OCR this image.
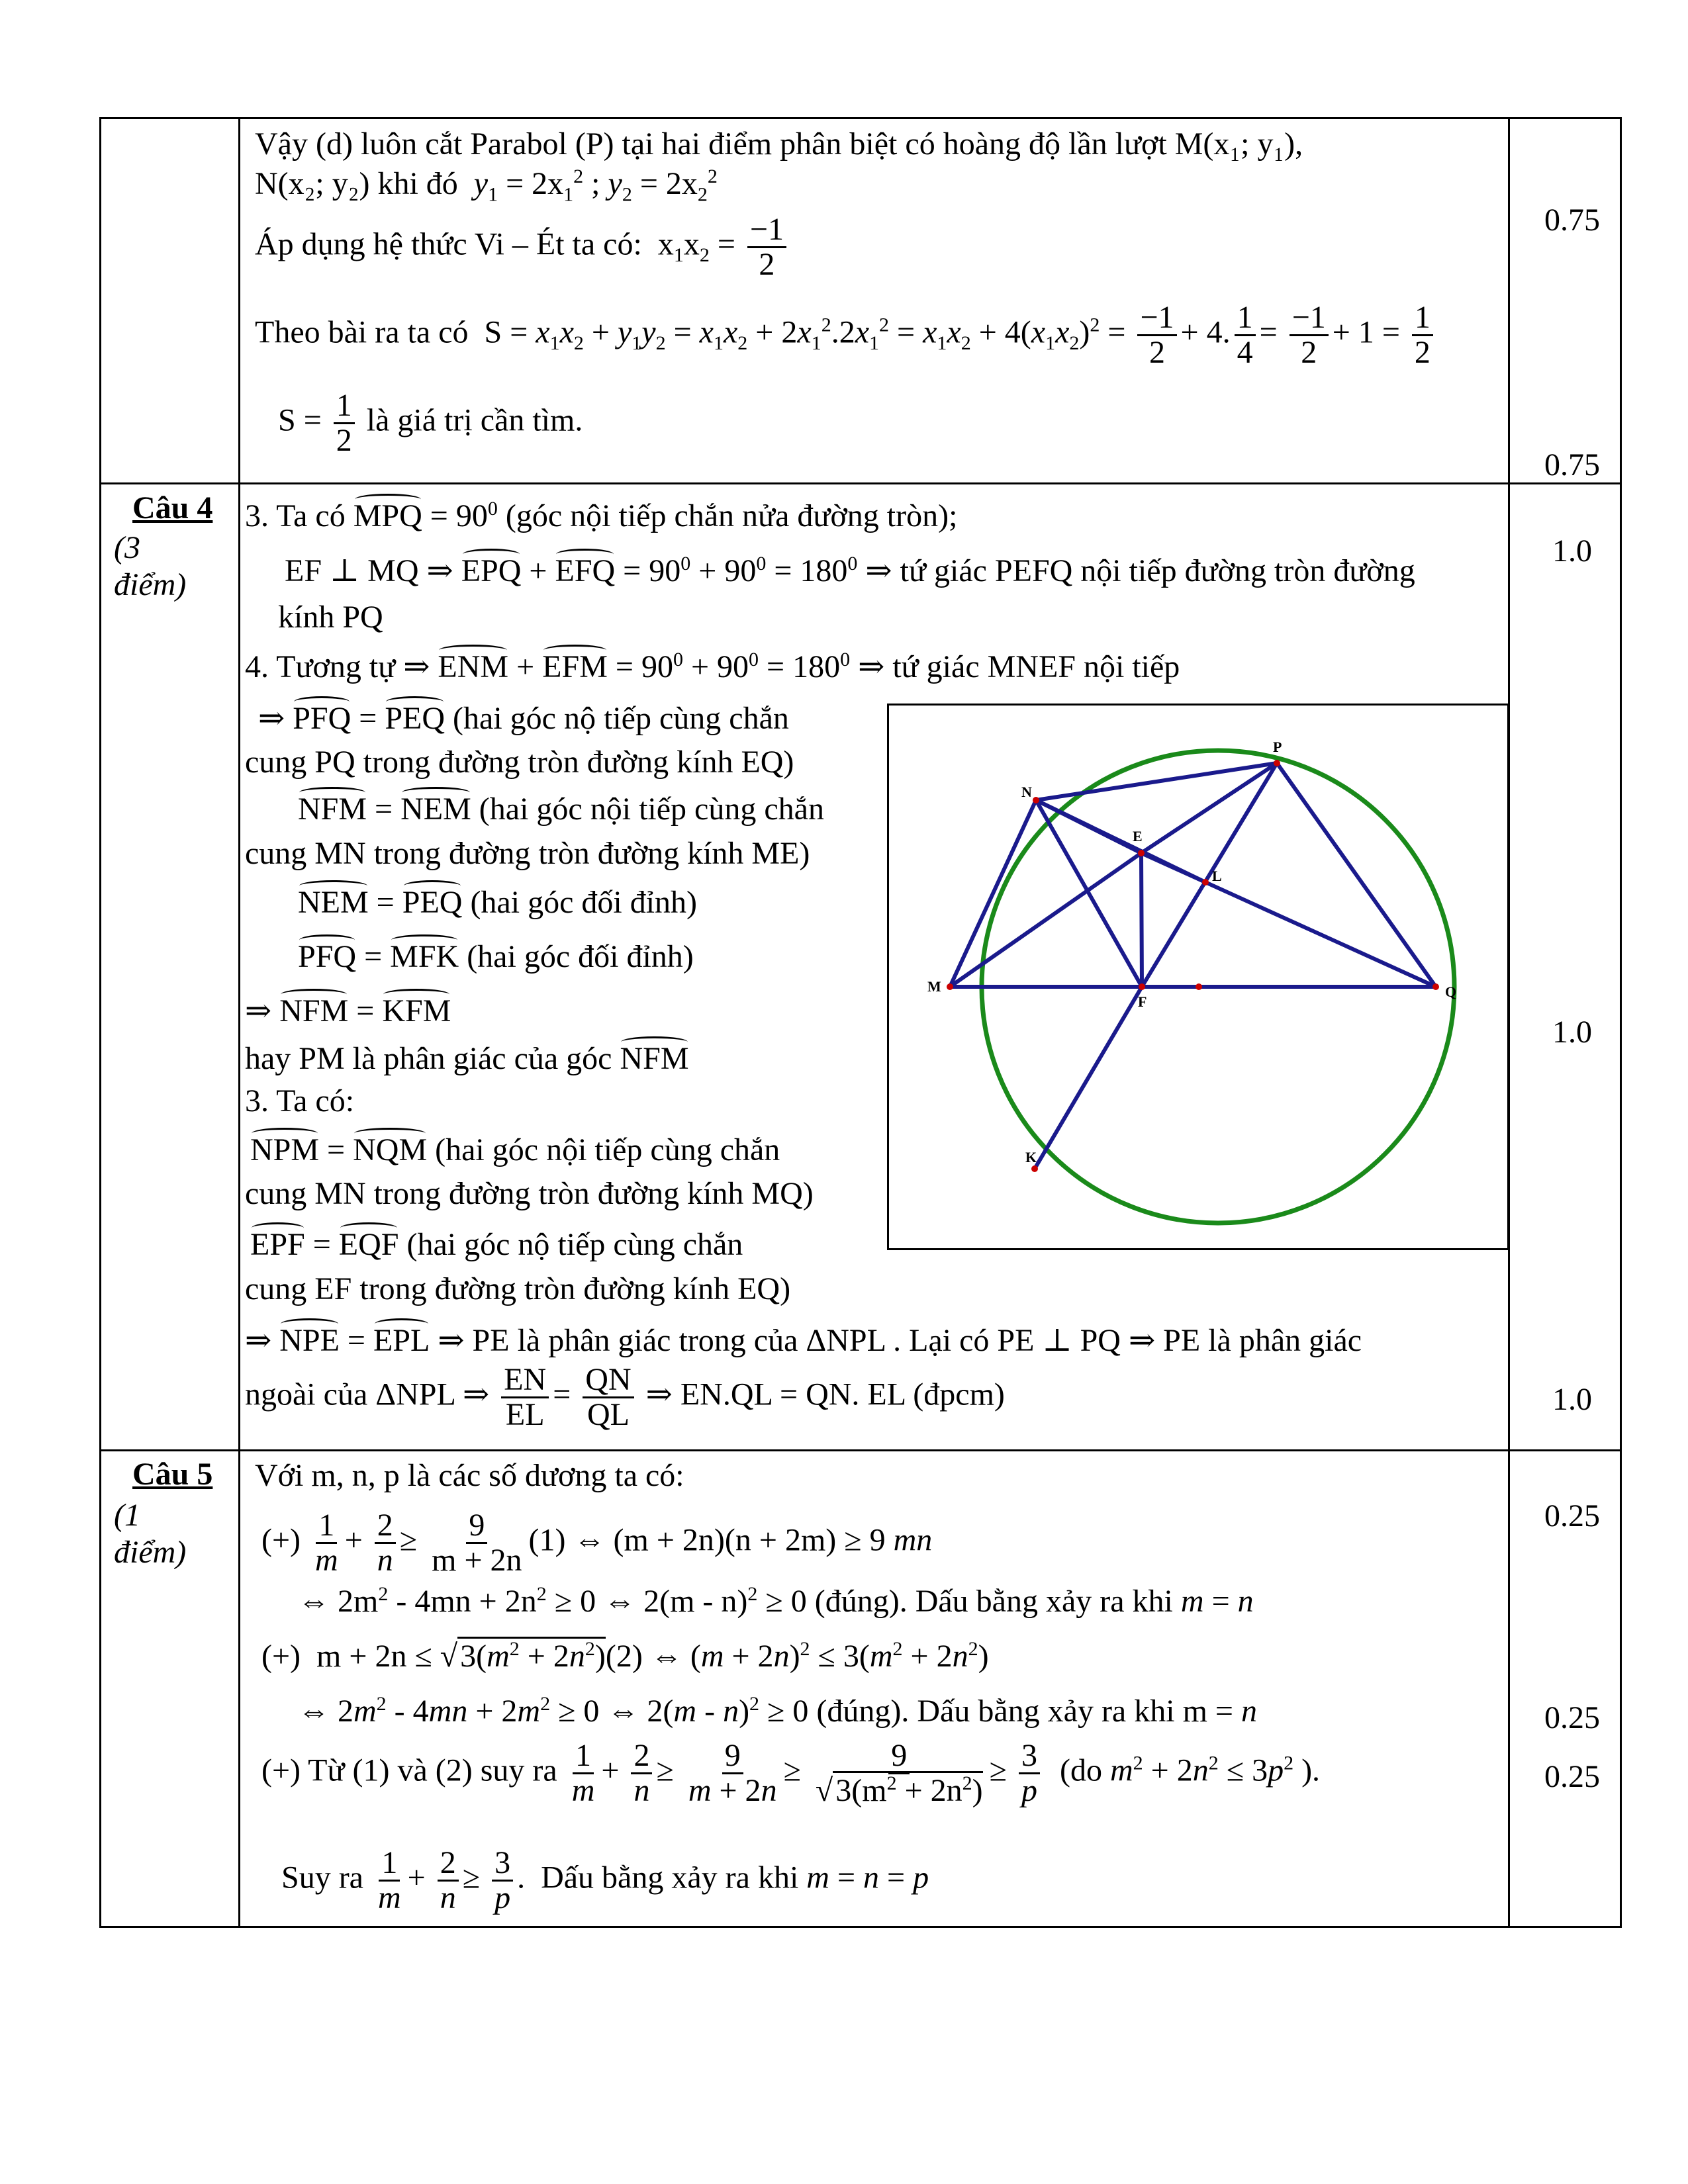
Vậy (d) luôn cắt Parabol (P) tại hai điểm phân biệt có hoàng độ lần lượt M(x₁; y₁),
N(x₂; y₂) khi đó $y_1 = 2x_1^2$ ; $y_2 = 2x_2^2$
Áp dụng hệ thức Vi – Ét ta có:  $x_1x_2 = \frac{-1}{2}$
Theo bài ra ta có  $S = x_1x_2 + y_1y_2 = x_1x_2 + 2x_1^2.2x_1^2 = x_1x_2 + 4(x_1x_2)^2 = \frac{-1}{2} + 4$. $\frac{1}{4} = \frac{-1}{2} + 1 = \frac{1}{2}$
$S = \frac{1}{2}$ là giá trị cần tìm.
0.75
0.75
Câu 4
(3 điểm)
3. Ta có MPQ = $90^0$ (góc nội tiếp chắn nửa đường tròn);
EF ⊥ MQ ⇒ EPQ + EFQ = $90^0 + 90^0 = 180^0$ ⇒ tứ giác PEFQ nội tiếp đường tròn đường
kính PQ
4. Tương tự ⇒ ENM + EFM = $90^0 + 90^0 = 180^0$ ⇒ tứ giác MNEF nội tiếp
⇒ PFQ = PEQ (hai góc nộ tiếp cùng chắn
cung PQ trong đường tròn đường kính EQ)
NFM = NEM (hai góc nội tiếp cùng chắn
cung MN trong đường tròn đường kính ME)
NEM = PEQ (hai góc đối đỉnh)
PFQ = MFK (hai góc đối đỉnh)
⇒ NFM = KFM
hay PM là phân giác của góc NFM
3. Ta có:
NPM = NQM (hai góc nội tiếp cùng chắn
cung MN trong đường tròn đường kính MQ)
EPF = EQF (hai góc nộ tiếp cùng chắn
cung EF trong đường tròn đường kính EQ)
⇒ NPE = EPL ⇒ PE là phân giác trong của ΔNPL . Lại có PE ⊥ PQ ⇒ PE là phân giác
ngoài của ΔNPL ⇒ $\frac{EN}{EL} = \frac{QN}{QL}$ ⇒ EN.QL = QN. EL (đpcm)
1.0
1.0
1.0
P
N
E
L
M
F
Q
K
Câu 5
(1 điểm)
Với m, n, p là các số dương ta có:
(+) $\frac{1}{m} + \frac{2}{n} \ge \frac{9}{m + 2n} (1)$ ⇔ (m + 2n)(n + 2m) ≥ 9 mn
⇔ $2m^2 - 4mn + 2n^2 \ge 0$ ⇔ 2(m - n)$^2$ ≥ 0 (đúng). Dấu bằng xảy ra khi m = n
(+)  $m + 2n \le √3(m^2 + 2n^2)(2)$ ⇔ $(m + 2n)^2 \le 3(m^2 + 2n^2)$
⇔ $2m^2 - 4mn + 2m^2 \ge 0$ ⇔ 2(m - n)$^2$ ≥ 0 (đúng). Dấu bằng xảy ra khi m = n
(+) Từ (1) và (2) suy ra $\frac{1}{m} + \frac{2}{n} \ge \frac{9}{m + 2n} \ge \frac{9}{√3(m^2 + 2n^2)} \ge \frac{3}{p} (do$ $m^2 + 2n^2 \le 3p^2$ ).
Suy ra $\frac{1}{m} + \frac{2}{n} \ge \frac{3}{p}$ .  Dấu bằng xảy ra khi m = n = p
0.25
0.25
0.25
